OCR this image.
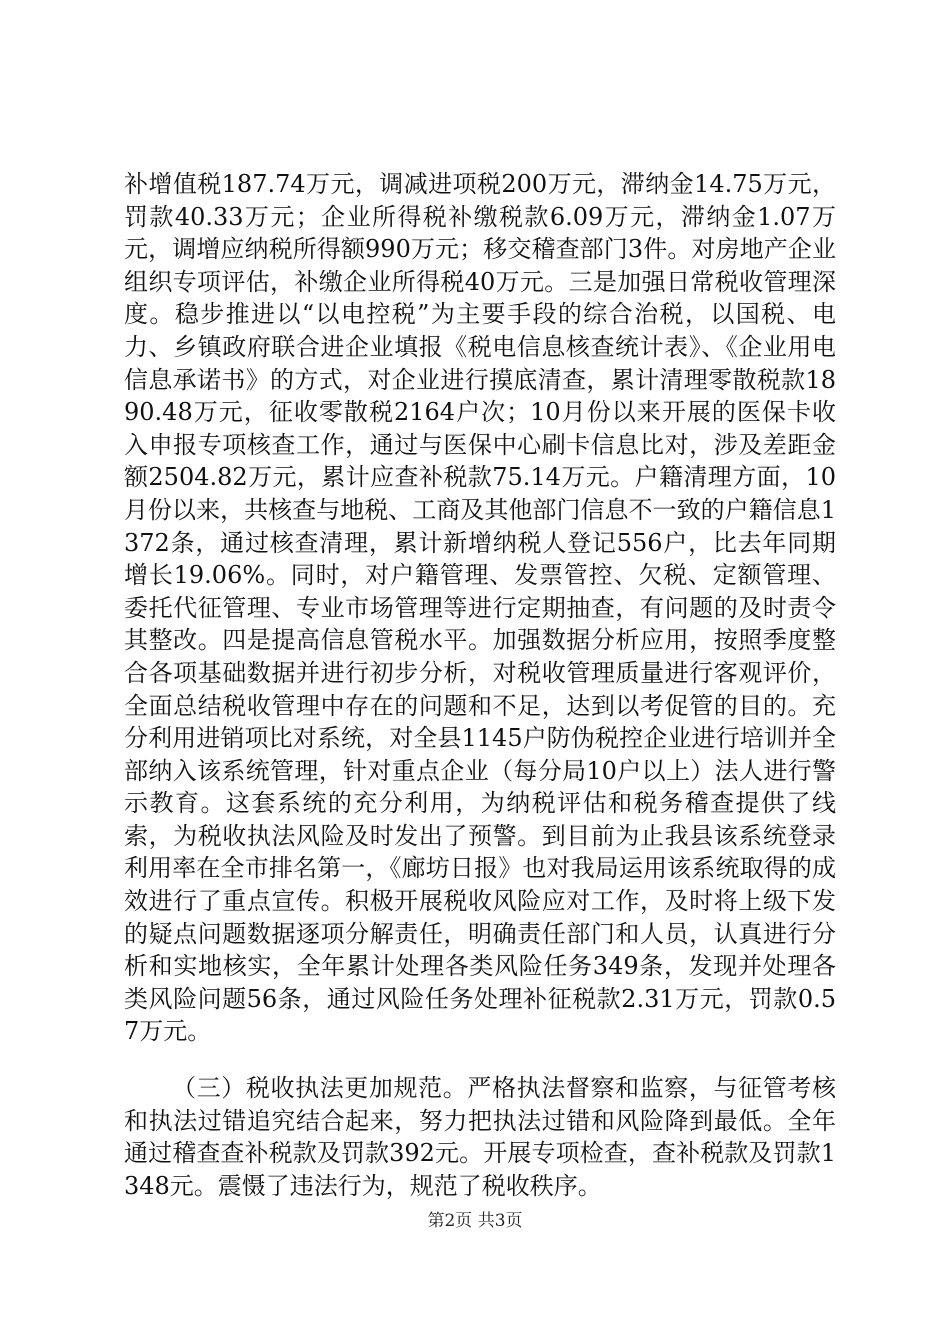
补增值税187.74万元，调减进项税200万元，滞纳金14.75万元，罚款40.33万元；企业所得税补缴税款6.09万元，滞纳金1.07万元，调增应纳税所得额990万元；移交稽查部门3件。对房地产企业组织专项评估，补缴企业所得税40万元。三是加强日常税收管理深度。稳步推进以“以电控税”为主要手段的综合治税，以国税、电力、乡镇政府联合进企业填报《税电信息核查统计表》、《企业用电信息承诺书》的方式，对企业进行摸底清查，累计清理零散税款1890.48万元，征收零散税2164户次；10月份以来开展的医保卡收入申报专项核查工作，通过与医保中心刷卡信息比对，涉及差距金额2504.82万元，累计应查补税款75.14万元。户籍清理方面，10月份以来，共核查与地税、工商及其他部门信息不一致的户籍信息1372条，通过核查清理，累计新增纳税人登记556户，比去年同期增长19.06%。同时，对户籍管理、发票管控、欠税、定额管理、委托代征管理、专业市场管理等进行定期抽查，有问题的及时责令其整改。四是提高信息管税水平。加强数据分析应用，按照季度整合各项基础数据并进行初步分析，对税收管理质量进行客观评价，全面总结税收管理中存在的问题和不足，达到以考促管的目的。充分利用进销项比对系统，对全县1145户防伪税控企业进行培训并全部纳入该系统管理，针对重点企业（每分局10户以上）法人进行警示教育。这套系统的充分利用，为纳税评估和税务稽查提供了线索，为税收执法风险及时发出了预警。到目前为止我县该系统登录利用率在全市排名第一，《廊坊日报》也对我局运用该系统取得的成效进行了重点宣传。积极开展税收风险应对工作，及时将上级下发的疑点问题数据逐项分解责任，明确责任部门和人员，认真进行分析和实地核实，全年累计处理各类风险任务349条，发现并处理各类风险问题56条，通过风险任务处理补征税款2.31万元，罚款0.57万元。

（三）税收执法更加规范。严格执法督察和监察，与征管考核和执法过错追究结合起来，努力把执法过错和风险降到最低。全年通过稽查查补税款及罚款392元。开展专项检查，查补税款及罚款1348元。震慑了违法行为，规范了税收秩序。

第2页 共3页
